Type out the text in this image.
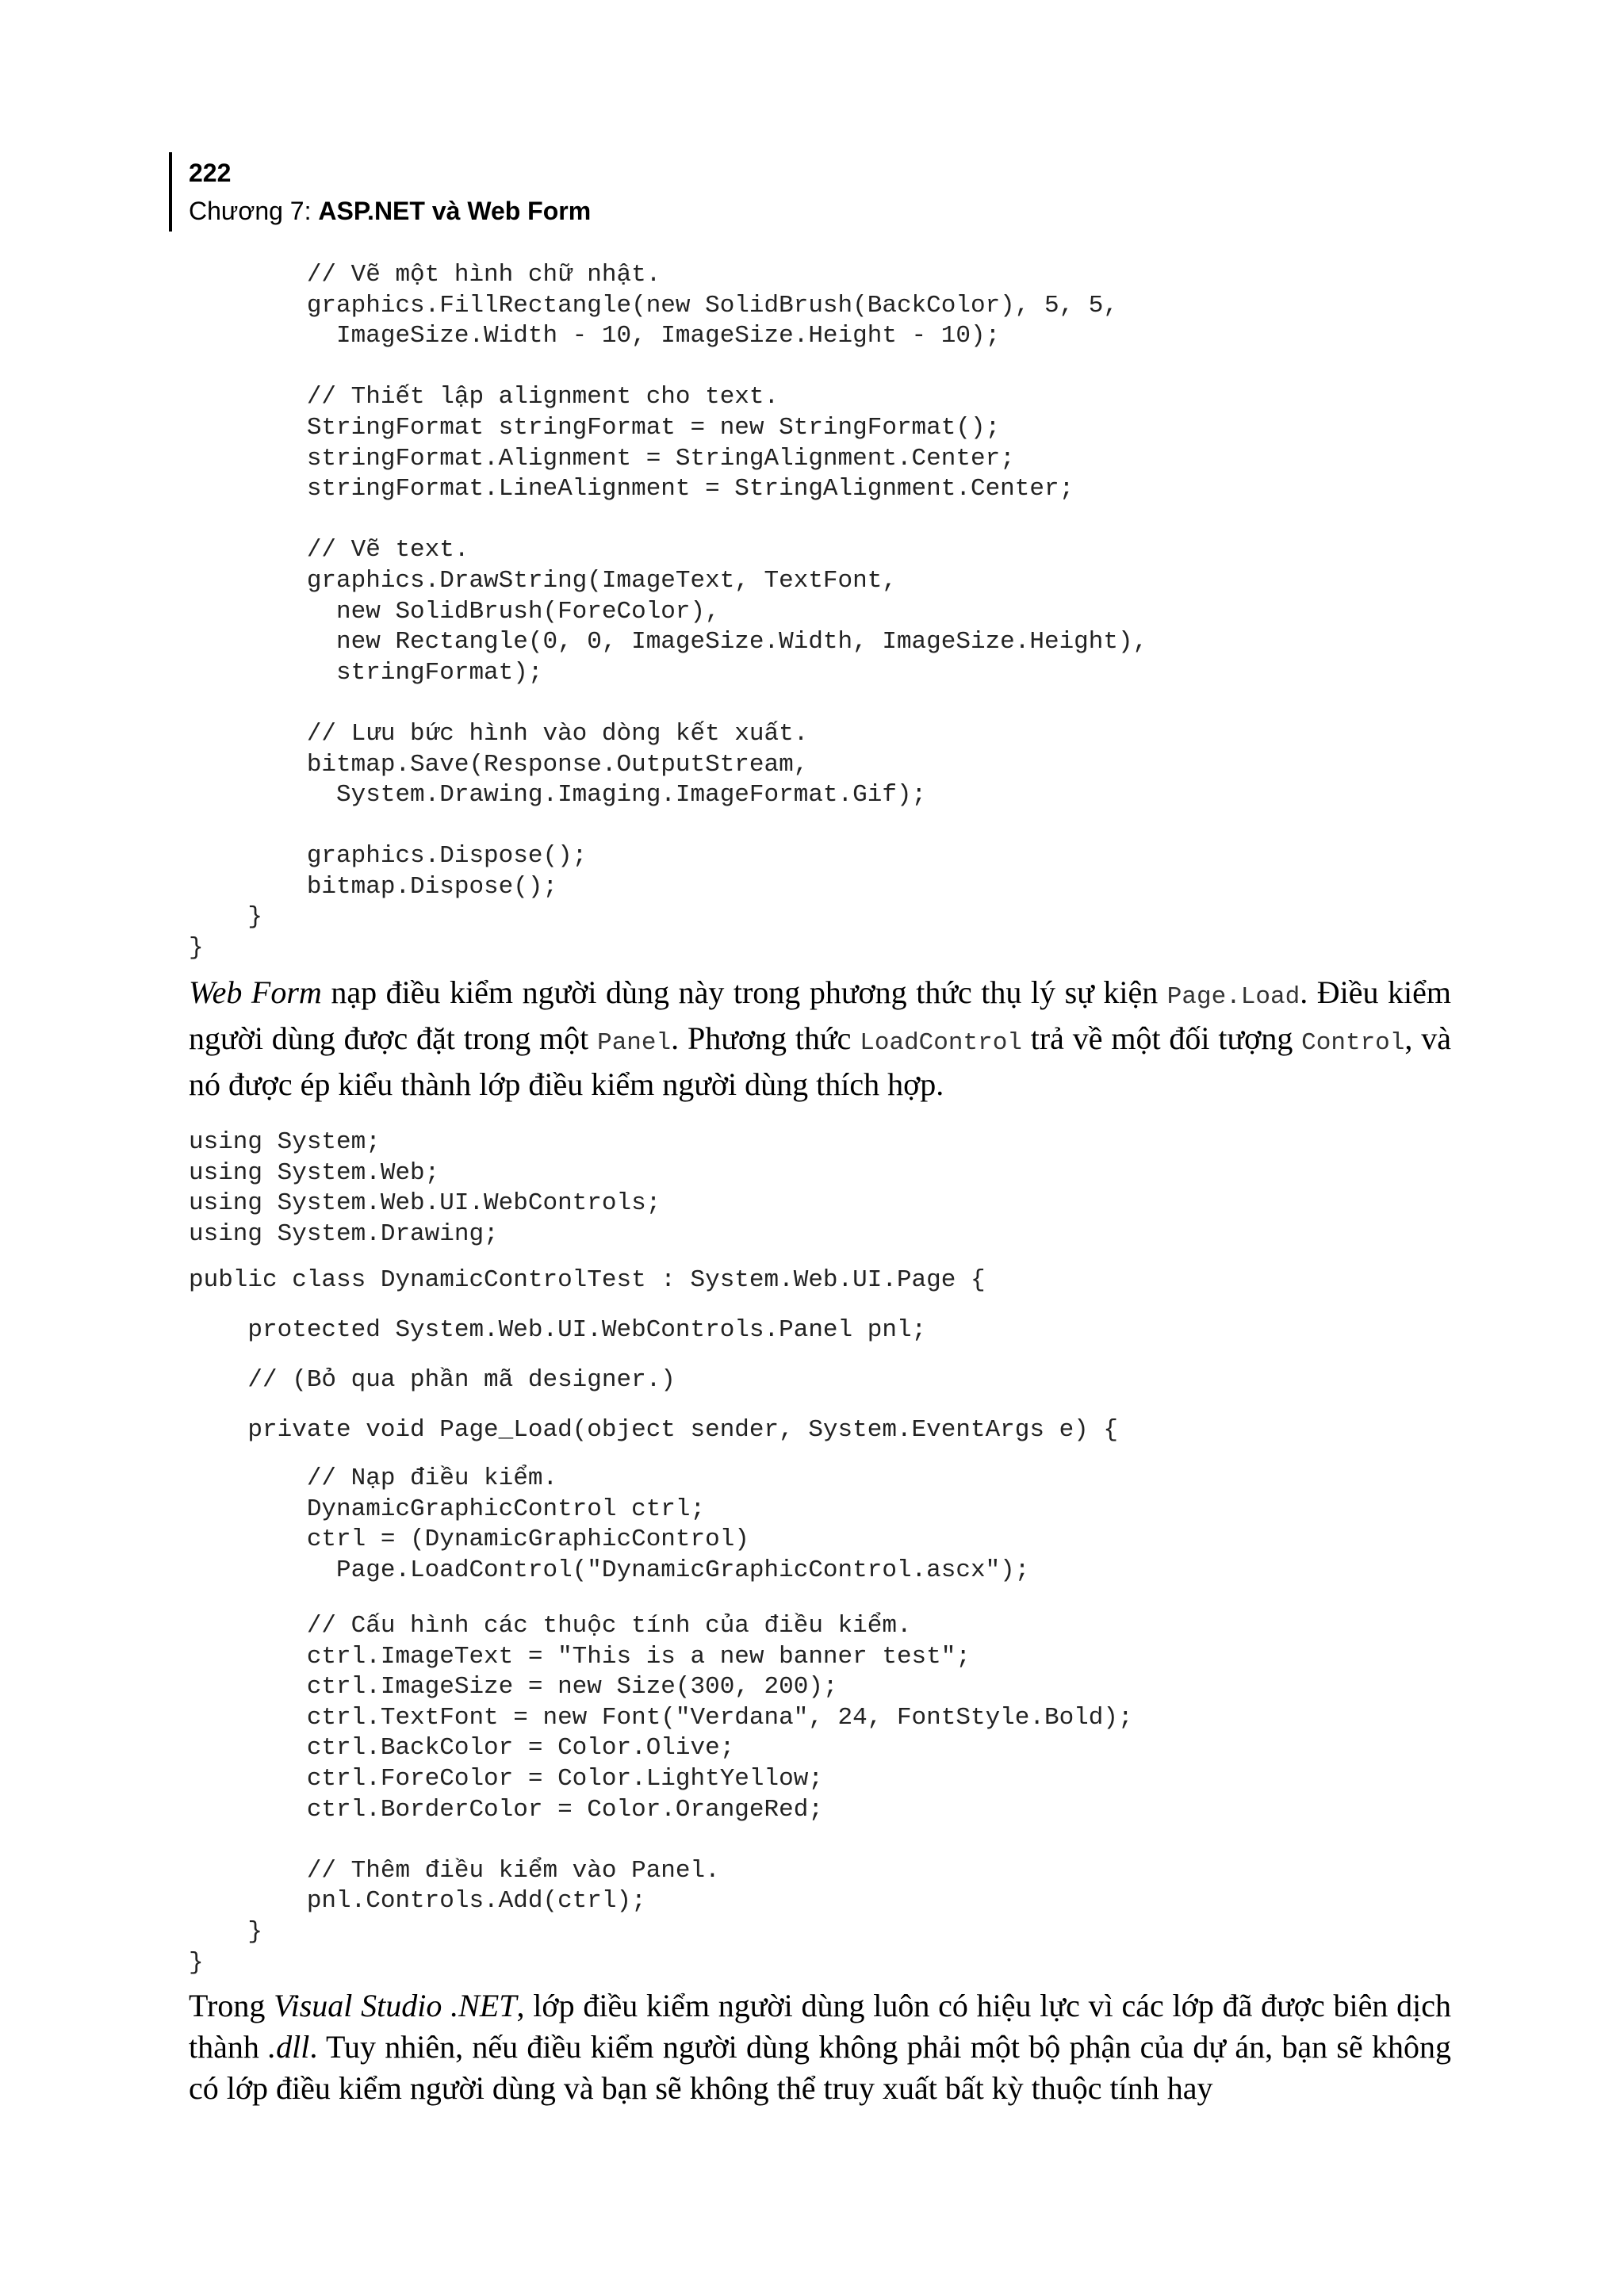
222
Chương 7: ASP.NET và Web Form
// Vẽ một hình chữ nhật.
graphics.FillRectangle(new SolidBrush(BackColor), 5, 5,
ImageSize.Width - 10, ImageSize.Height - 10);

// Thiết lập alignment cho text.
StringFormat stringFormat = new StringFormat();
stringFormat.Alignment = StringAlignment.Center;
stringFormat.LineAlignment = StringAlignment.Center;

// Vẽ text.
graphics.DrawString(ImageText, TextFont,
new SolidBrush(ForeColor),
new Rectangle(0, 0, ImageSize.Width, ImageSize.Height),
stringFormat);

// Lưu bức hình vào dòng kết xuất.
bitmap.Save(Response.OutputStream,
System.Drawing.Imaging.ImageFormat.Gif);

graphics.Dispose();
bitmap.Dispose();
}
}

Web Form nạp điều kiểm người dùng này trong phương thức thụ lý sự kiện Page.Load. Điều kiểm người dùng được đặt trong một Panel. Phương thức LoadControl trả về một đối tượng Control, và nó được ép kiểu thành lớp điều kiểm người dùng thích hợp.

using System;
using System.Web;
using System.Web.UI.WebControls;
using System.Drawing;
public class DynamicControlTest : System.Web.UI.Page {
protected System.Web.UI.WebControls.Panel pnl;
// (Bỏ qua phần mã designer.)
private void Page_Load(object sender, System.EventArgs e) {
// Nạp điều kiểm.
DynamicGraphicControl ctrl;
ctrl = (DynamicGraphicControl)
Page.LoadControl("DynamicGraphicControl.ascx");
// Cấu hình các thuộc tính của điều kiểm.
ctrl.ImageText = "This is a new banner test";
ctrl.ImageSize = new Size(300, 200);
ctrl.TextFont = new Font("Verdana", 24, FontStyle.Bold);
ctrl.BackColor = Color.Olive;
ctrl.ForeColor = Color.LightYellow;
ctrl.BorderColor = Color.OrangeRed;

// Thêm điều kiểm vào Panel.
pnl.Controls.Add(ctrl);
}
}

Trong Visual Studio .NET, lớp điều kiểm người dùng luôn có hiệu lực vì các lớp đã được biên dịch thành .dll. Tuy nhiên, nếu điều kiểm người dùng không phải một bộ phận của dự án, bạn sẽ không có lớp điều kiểm người dùng và bạn sẽ không thể truy xuất bất kỳ thuộc tính hay
